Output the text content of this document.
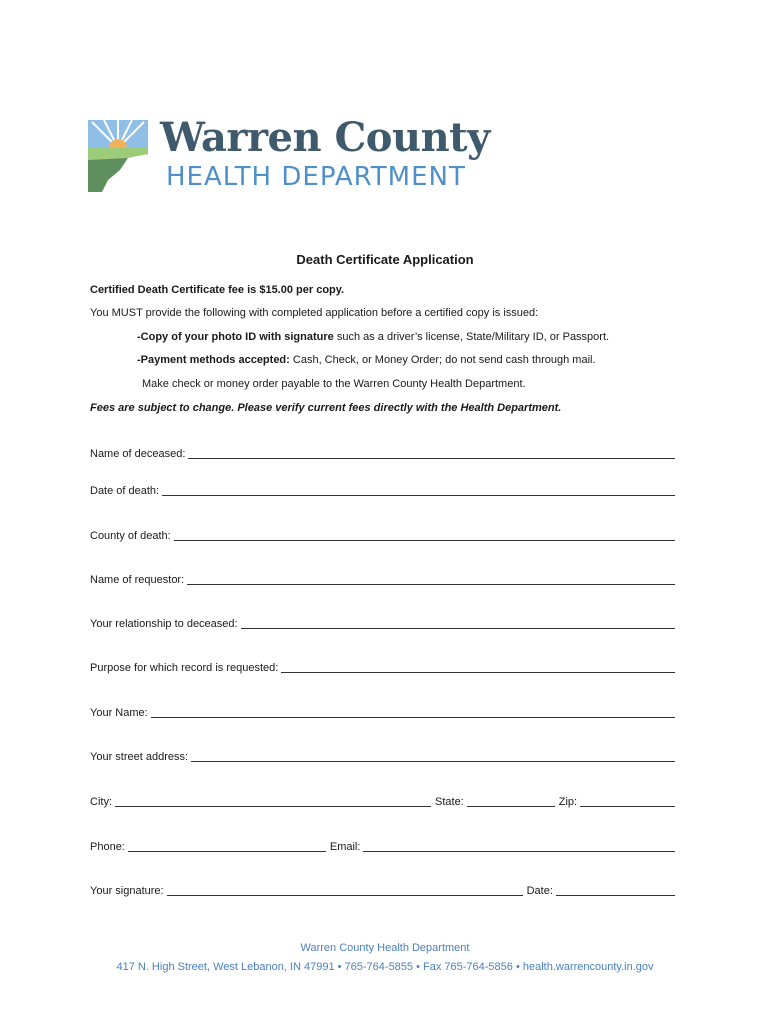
Warren County
HEALTH DEPARTMENT
Death Certificate Application
Certified Death Certificate fee is $15.00 per copy.
You MUST provide the following with completed application before a certified copy is issued:
-Copy of your photo ID with signature such as a driver’s license, State/Military ID, or Passport.
-Payment methods accepted: Cash, Check, or Money Order; do not send cash through mail.
Make check or money order payable to the Warren County Health Department.
Fees are subject to change. Please verify current fees directly with the Health Department.
Name of deceased:
Date of death:
County of death:
Name of requestor:
Your relationship to deceased:
Purpose for which record is requested:
Your Name:
Your street address:
City:	State:	Zip:
Phone:	Email:
Your signature:	Date:
Warren County Health Department
417 N. High Street, West Lebanon, IN 47991 • 765-764-5855 • Fax 765-764-5856 • health.warrencounty.in.gov
